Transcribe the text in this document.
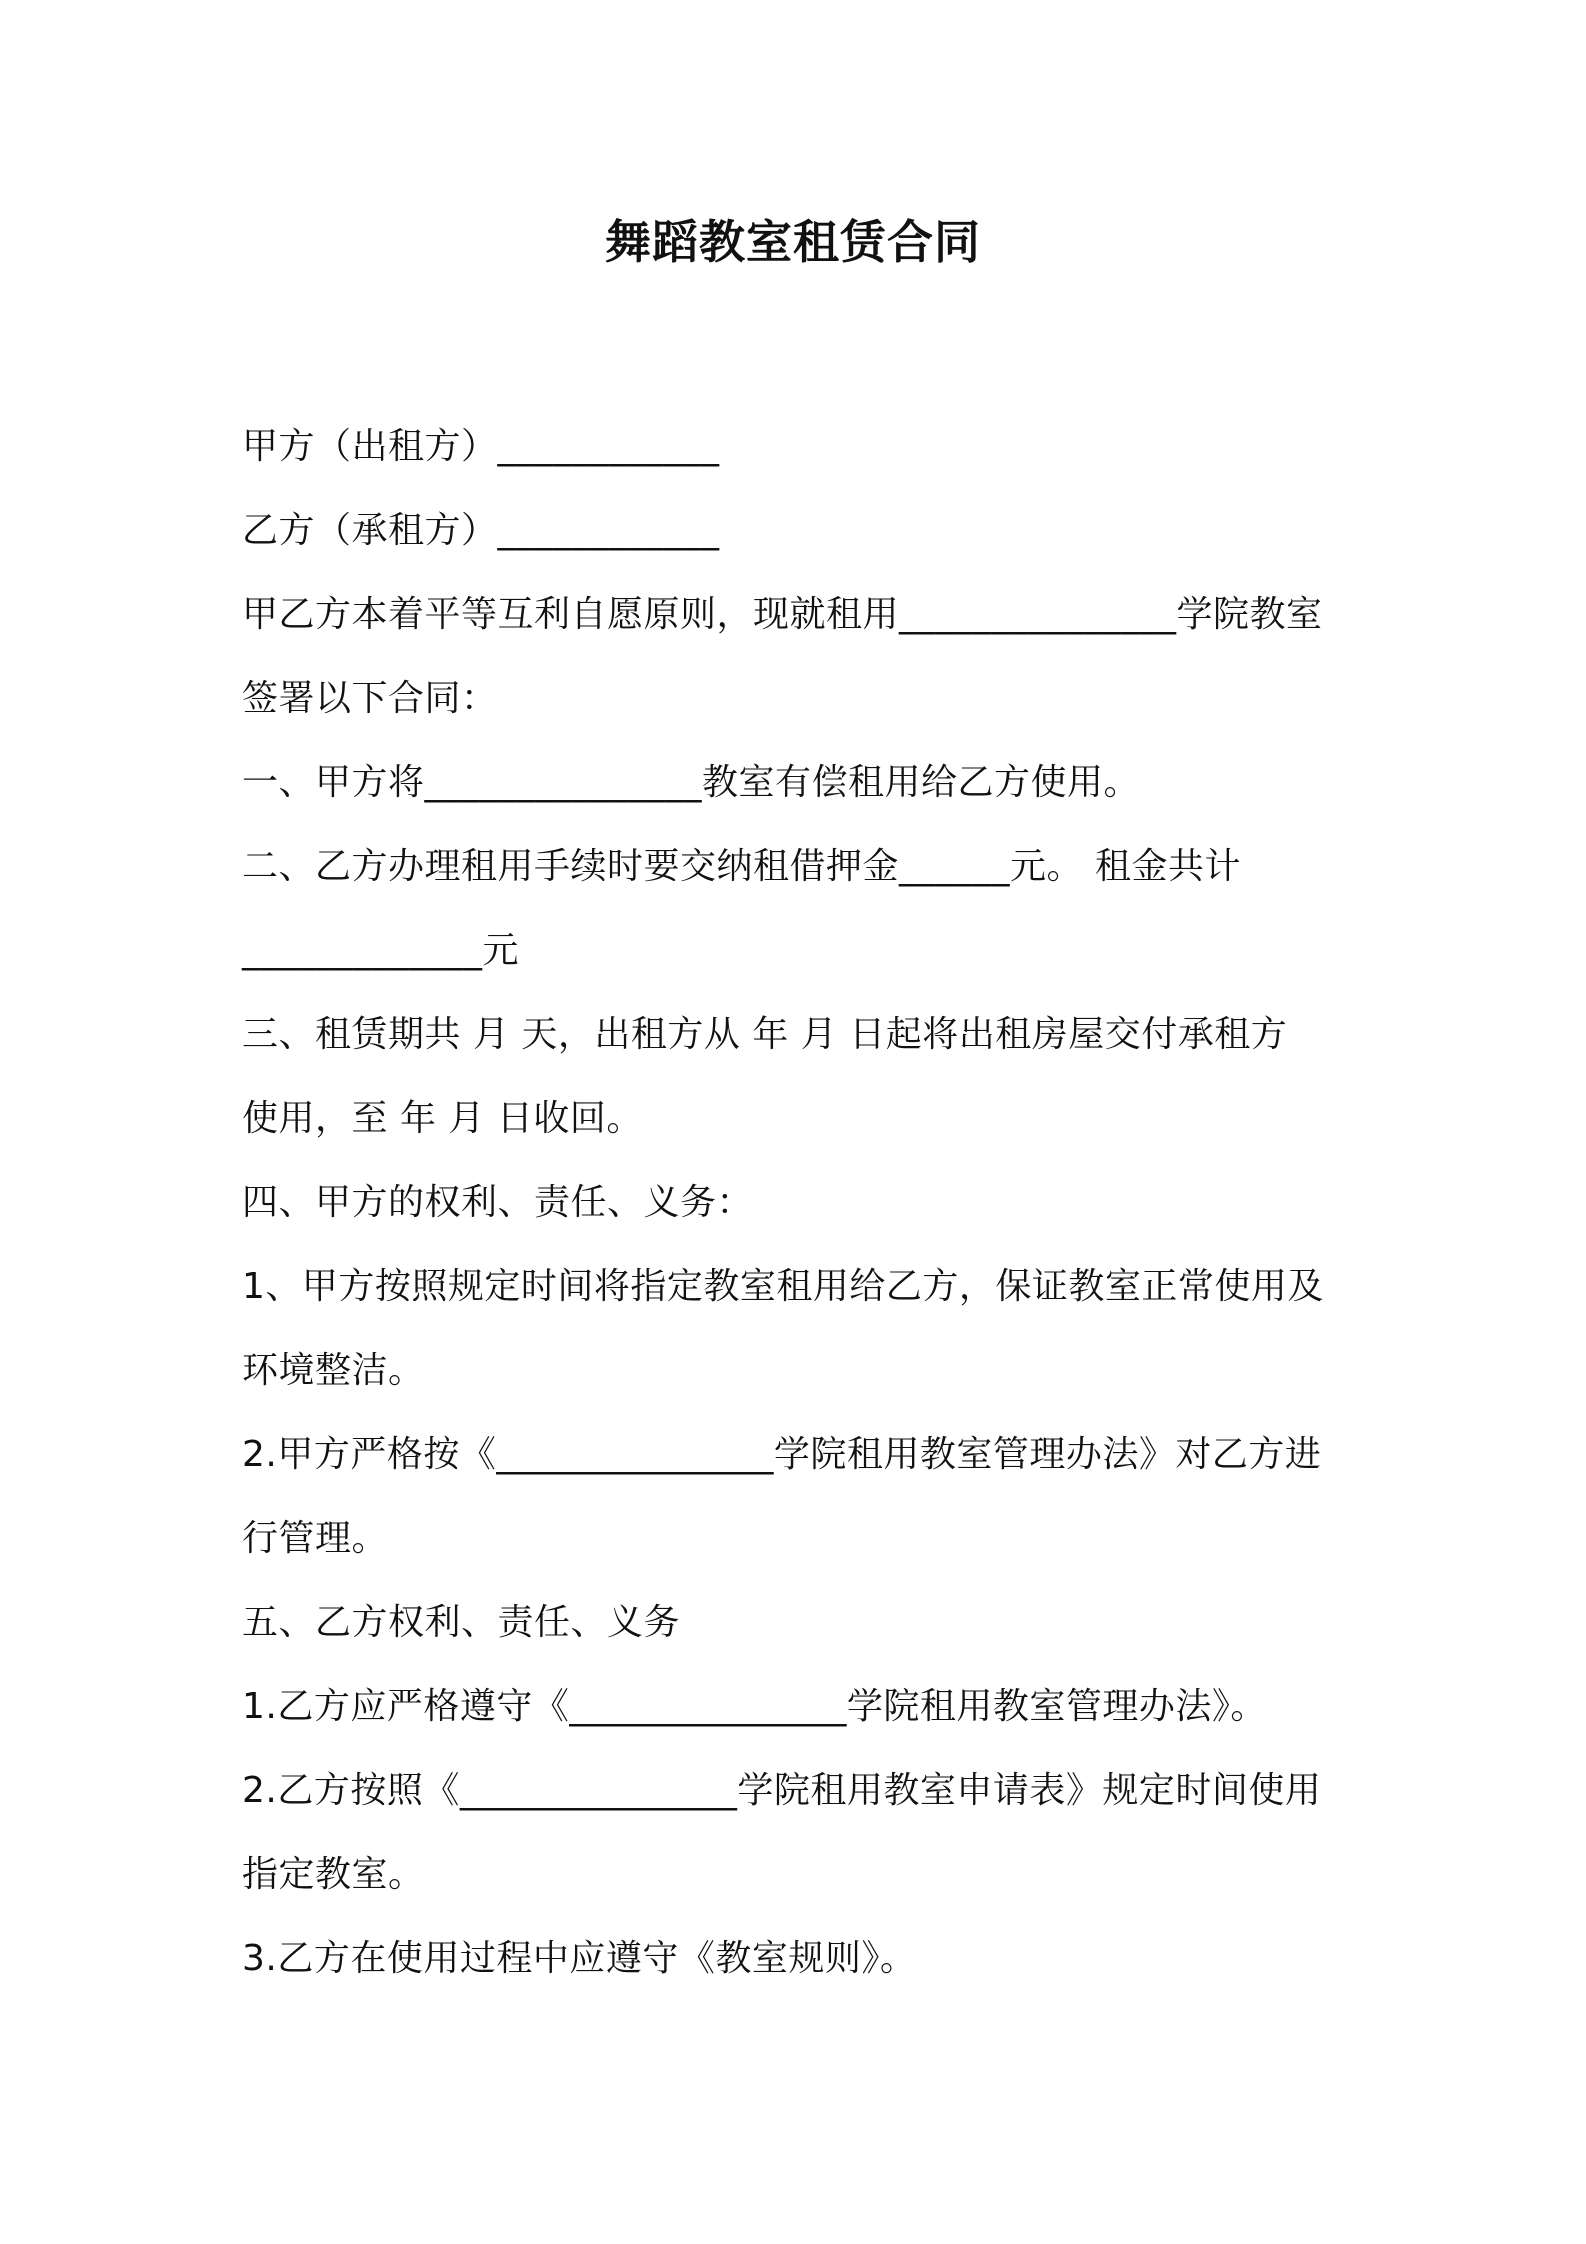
舞蹈教室租赁合同
甲方（出租方）____________
乙方（承租方）____________
甲乙方本着平等互利自愿原则，现就租用_______________学院教室
签署以下合同：
一、甲方将_______________教室有偿租用给乙方使用。
二、乙方办理租用手续时要交纳租借押金______元。 租金共计
_____________元
三、租赁期共 月 天，出租方从 年 月 日起将出租房屋交付承租方
使用，至 年 月 日收回。
四、甲方的权利、责任、义务：
1、甲方按照规定时间将指定教室租用给乙方，保证教室正常使用及
环境整洁。
2.甲方严格按《_______________学院租用教室管理办法》对乙方进
行管理。
五、乙方权利、责任、义务
1.乙方应严格遵守《_______________学院租用教室管理办法》。
2.乙方按照《_______________学院租用教室申请表》规定时间使用
指定教室。
3.乙方在使用过程中应遵守《教室规则》。
